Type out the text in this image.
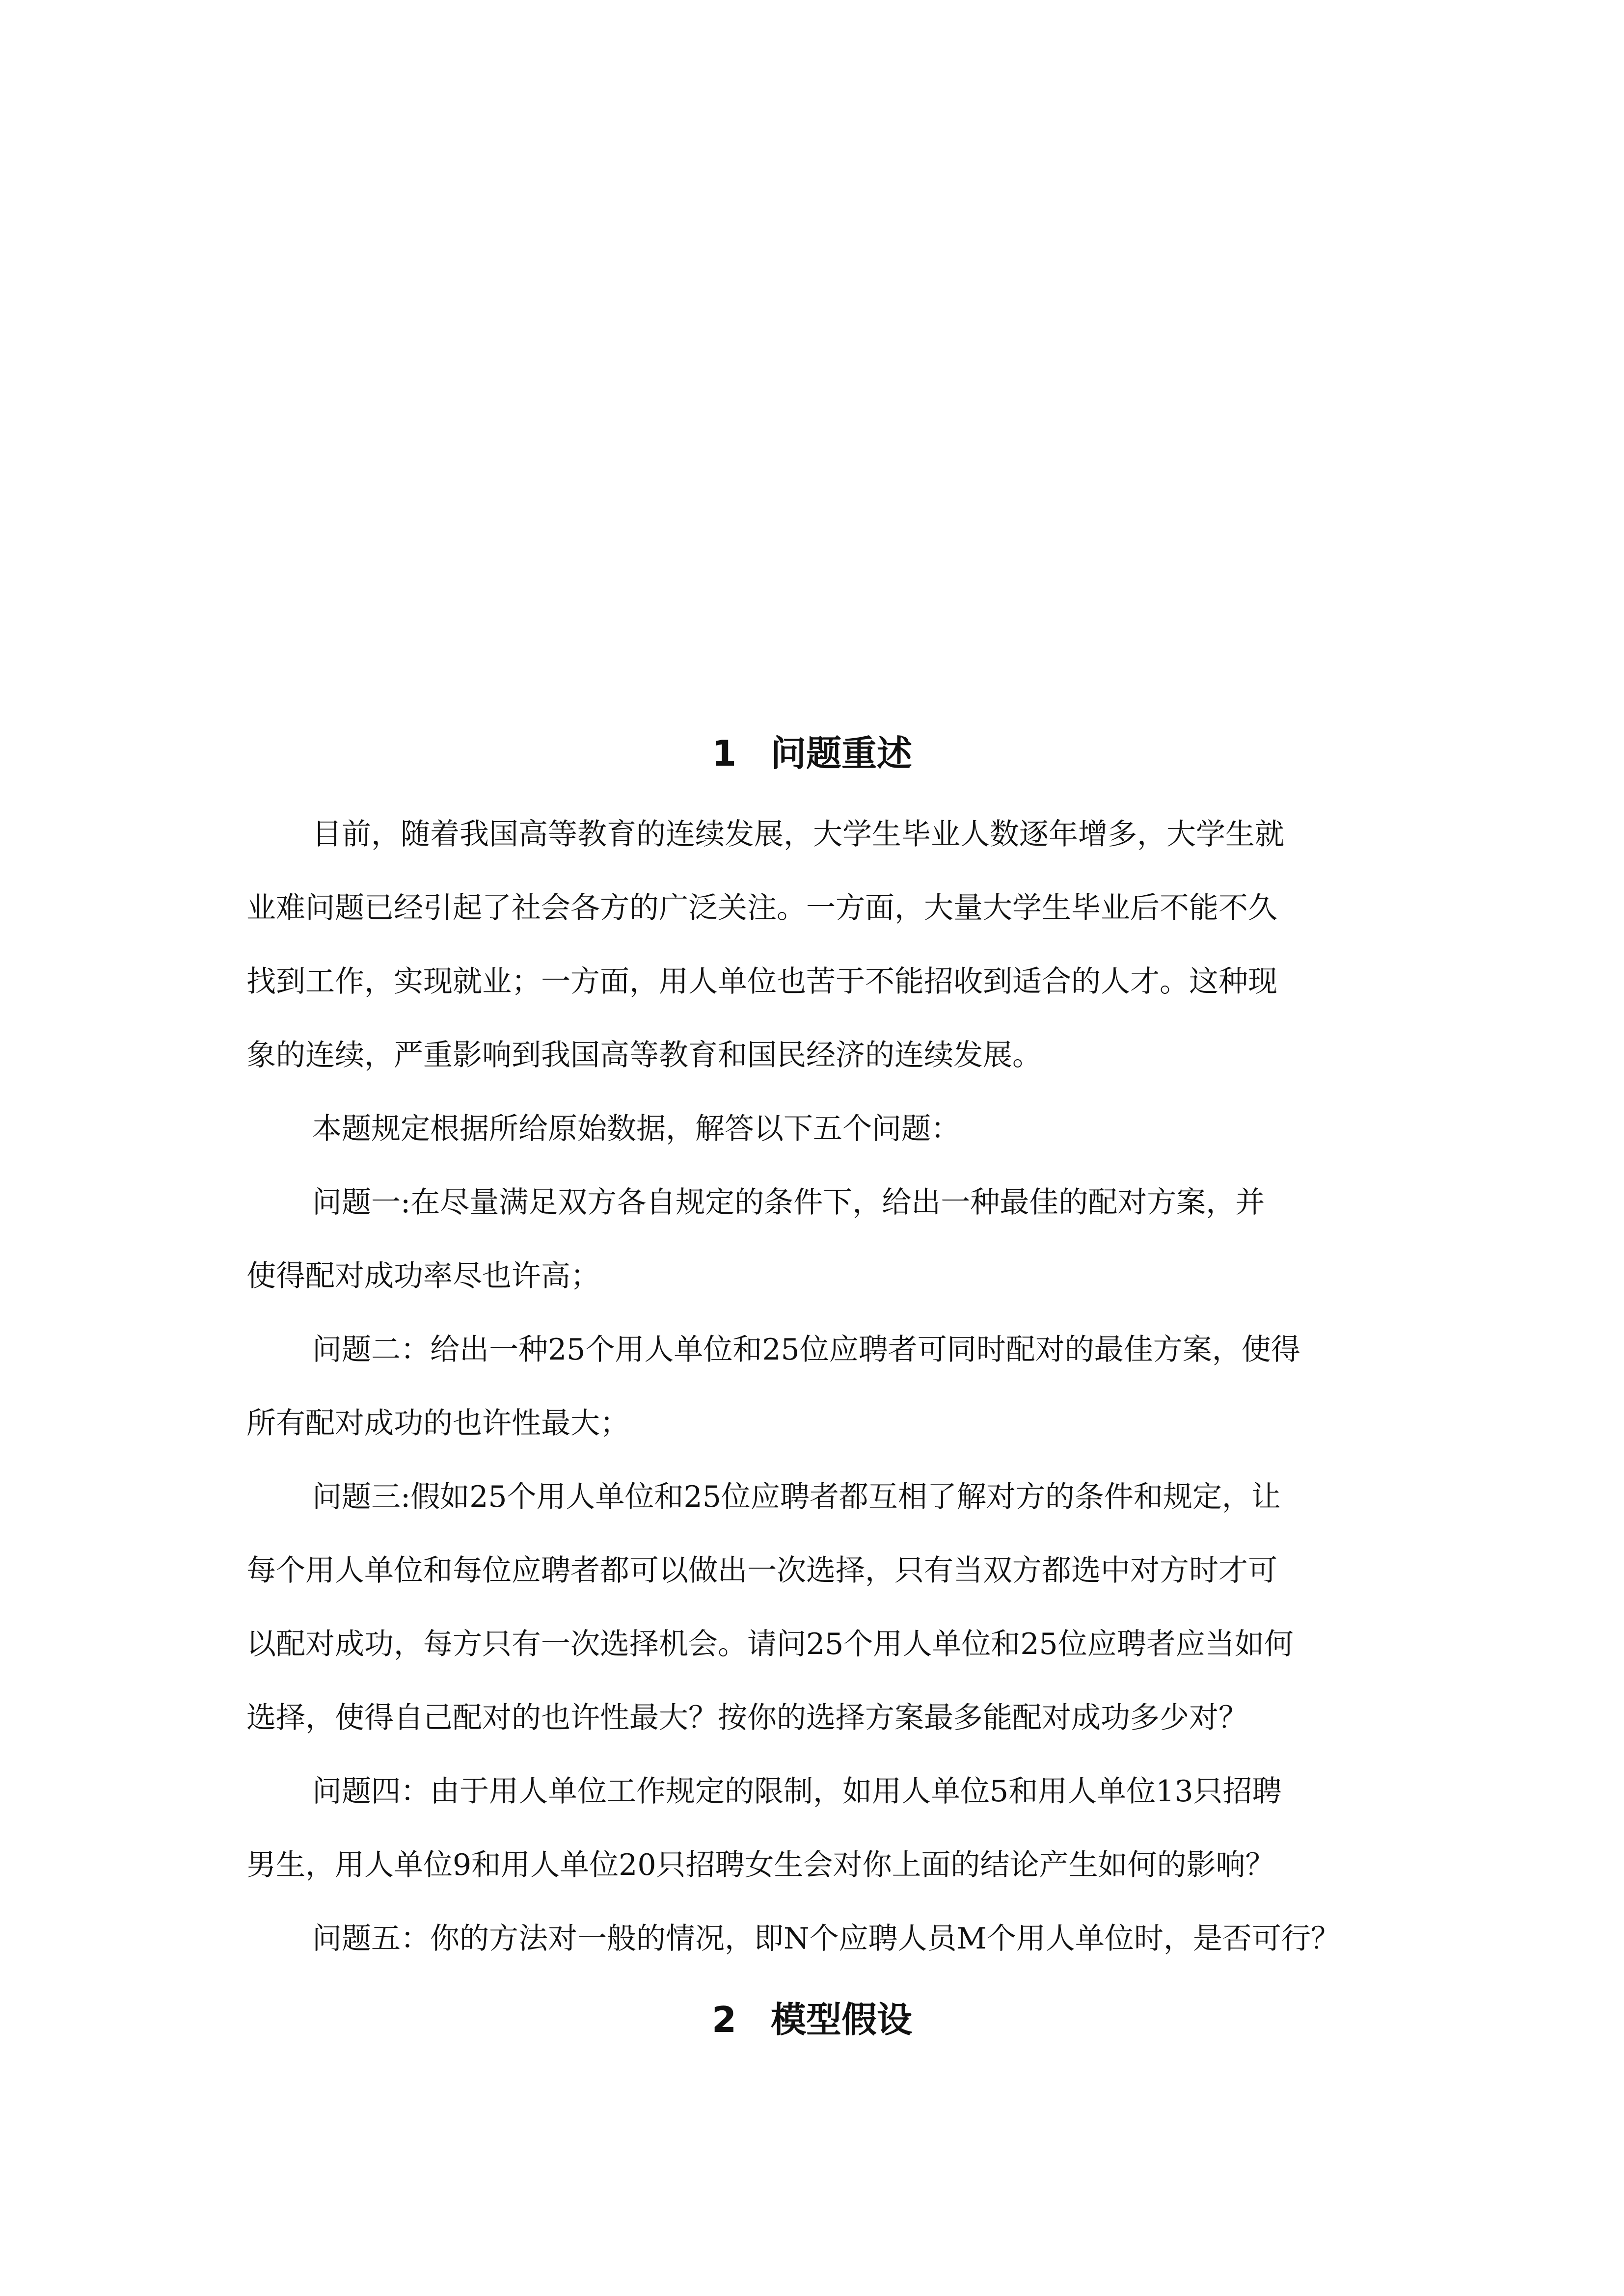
1 问题重述
目前，随着我国高等教育的连续发展，大学生毕业人数逐年增多，大学生就
业难问题已经引起了社会各方的广泛关注。一方面，大量大学生毕业后不能不久
找到工作，实现就业；一方面，用人单位也苦于不能招收到适合的人才。这种现
象的连续，严重影响到我国高等教育和国民经济的连续发展。
本题规定根据所给原始数据，解答以下五个问题：
问题一:在尽量满足双方各自规定的条件下，给出一种最佳的配对方案，并
使得配对成功率尽也许高；
问题二：给出一种25个用人单位和25位应聘者可同时配对的最佳方案，使得
所有配对成功的也许性最大；
问题三:假如25个用人单位和25位应聘者都互相了解对方的条件和规定，让
每个用人单位和每位应聘者都可以做出一次选择，只有当双方都选中对方时才可
以配对成功，每方只有一次选择机会。请问25个用人单位和25位应聘者应当如何
选择，使得自己配对的也许性最大？按你的选择方案最多能配对成功多少对？
问题四：由于用人单位工作规定的限制，如用人单位5和用人单位13只招聘
男生，用人单位9和用人单位20只招聘女生会对你上面的结论产生如何的影响？
问题五：你的方法对一般的情况，即N个应聘人员M个用人单位时，是否可行？
2 模型假设
